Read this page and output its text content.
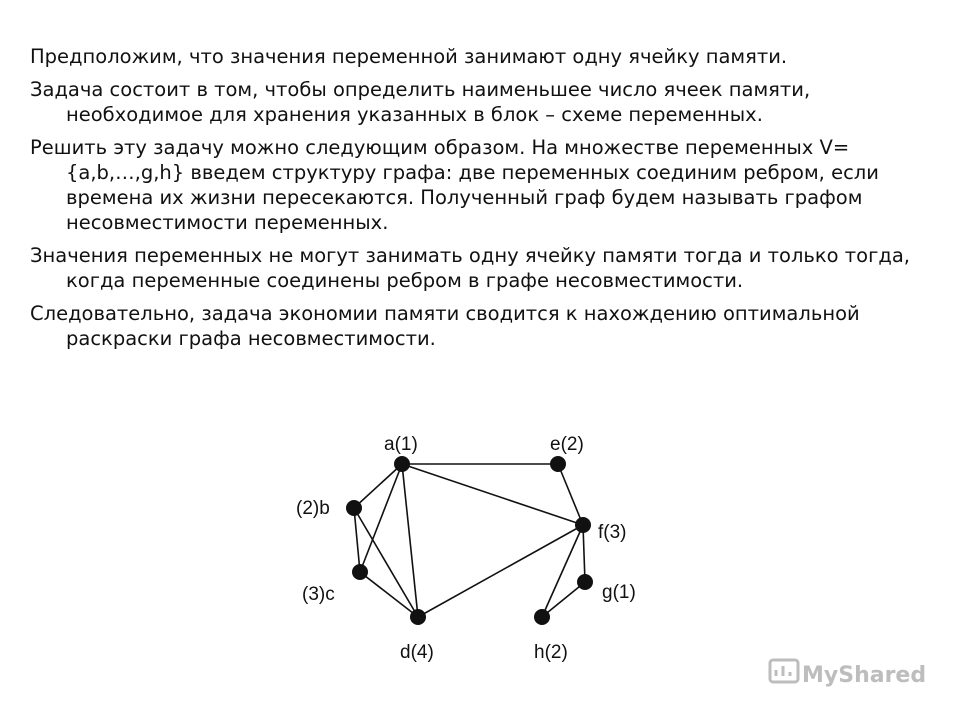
Предположим, что значения переменной занимают одну ячейку памяти.

Задача состоит в том, чтобы определить наименьшее число ячеек памяти, необходимое для хранения указанных в блок – схеме переменных.

Решить эту задачу можно следующим образом. На множестве переменных V={a,b,…,g,h} введем структуру графа: две переменных соединим ребром, если времена их жизни пересекаются. Полученный граф будем называть графом несовместимости переменных.

Значения переменных не могут занимать одну ячейку памяти тогда и только тогда, когда переменные соединены ребром в графе несовместимости.

Следовательно, задача экономии памяти сводится к нахождению оптимальной раскраски графа несовместимости.

a(1)
(2)b
(3)c
d(4)
e(2)
f(3)
g(1)
h(2)
MyShared
